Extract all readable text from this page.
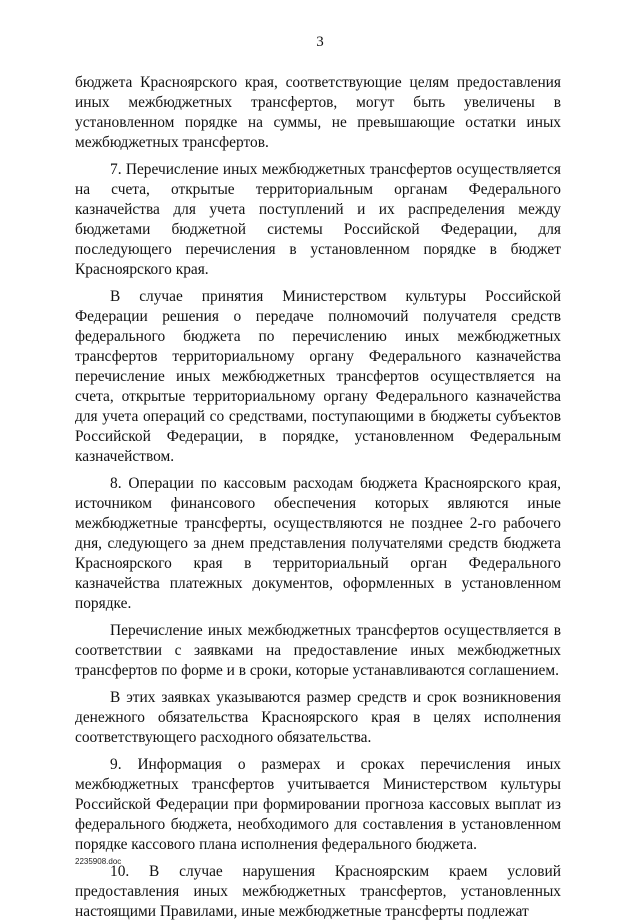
3

бюджета Красноярского края, соответствующие целям предоставления иных межбюджетных трансфертов, могут быть увеличены в установленном порядке на суммы, не превышающие остатки иных межбюджетных трансфертов.

7. Перечисление иных межбюджетных трансфертов осуществляется на счета, открытые территориальным органам Федерального казначейства для учета поступлений и их распределения между бюджетами бюджетной системы Российской Федерации, для последующего перечисления в установленном порядке в бюджет Красноярского края.

В случае принятия Министерством культуры Российской Федерации решения о передаче полномочий получателя средств федерального бюджета по перечислению иных межбюджетных трансфертов территориальному органу Федерального казначейства перечисление иных межбюджетных трансфертов осуществляется на счета, открытые территориальному органу Федерального казначейства для учета операций со средствами, поступающими в бюджеты субъектов Российской Федерации, в порядке, установленном Федеральным казначейством.

8. Операции по кассовым расходам бюджета Красноярского края, источником финансового обеспечения которых являются иные межбюджетные трансферты, осуществляются не позднее 2-го рабочего дня, следующего за днем представления получателями средств бюджета Красноярского края в территориальный орган Федерального казначейства платежных документов, оформленных в установленном порядке.

Перечисление иных межбюджетных трансфертов осуществляется в соответствии с заявками на предоставление иных межбюджетных трансфертов по форме и в сроки, которые устанавливаются соглашением.

В этих заявках указываются размер средств и срок возникновения денежного обязательства Красноярского края в целях исполнения соответствующего расходного обязательства.

9. Информация о размерах и сроках перечисления иных межбюджетных трансфертов учитывается Министерством культуры Российской Федерации при формировании прогноза кассовых выплат из федерального бюджета, необходимого для составления в установленном порядке кассового плана исполнения федерального бюджета.

10. В случае нарушения Красноярским краем условий предоставления иных межбюджетных трансфертов, установленных настоящими Правилами, иные межбюджетные трансферты подлежат

2235908.doc
